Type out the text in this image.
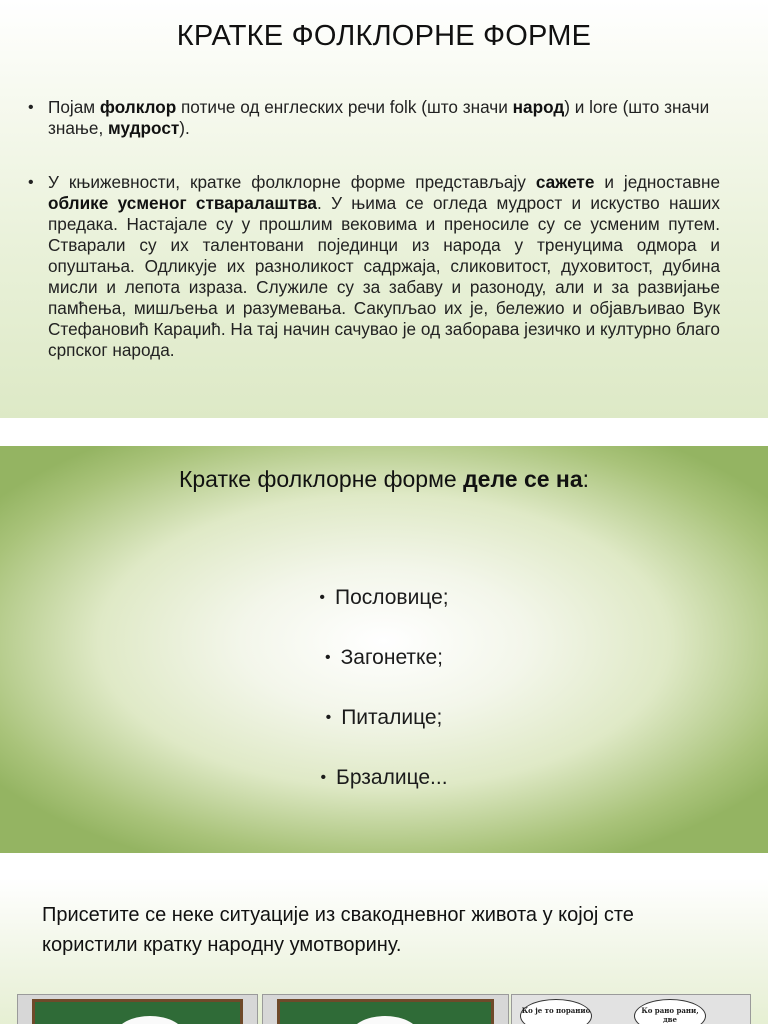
КРАТКЕ ФОЛКЛОРНЕ ФОРМЕ
• Појам фолклор потиче од енглеских речи folk (што значи народ) и lore (што значи знање, мудрост).
• У књижевности, кратке фолклорне форме представљају сажете и једноставне облике усменог стваралаштва. У њима се огледа мудрост и искуство наших предака. Настајале су у прошлим вековима и преносиле су се усменим путем. Стварали су их талентовани појединци из народа у тренуцима одмора и опуштања. Одликује их разноликост садржаја, сликовитост, духовитост, дубина мисли и лепота израза. Служиле су за забаву и разоноду, али и за развијање памћења, мишљења и разумевања. Сакупљао их је, бележио и објављивао Вук Стефановић Караџић. На тај начин сачувао је од заборава језичко и културно благо српског народа.
Кратке фолклорне форме деле се на:
• Пословице;
• Загонетке;
• Питалице;
• Брзалице...
Присетите се неке ситуације из свакодневног живота у којој сте користили кратку народну умотворину.
Ко је то поранио	Ко рано рани, две
